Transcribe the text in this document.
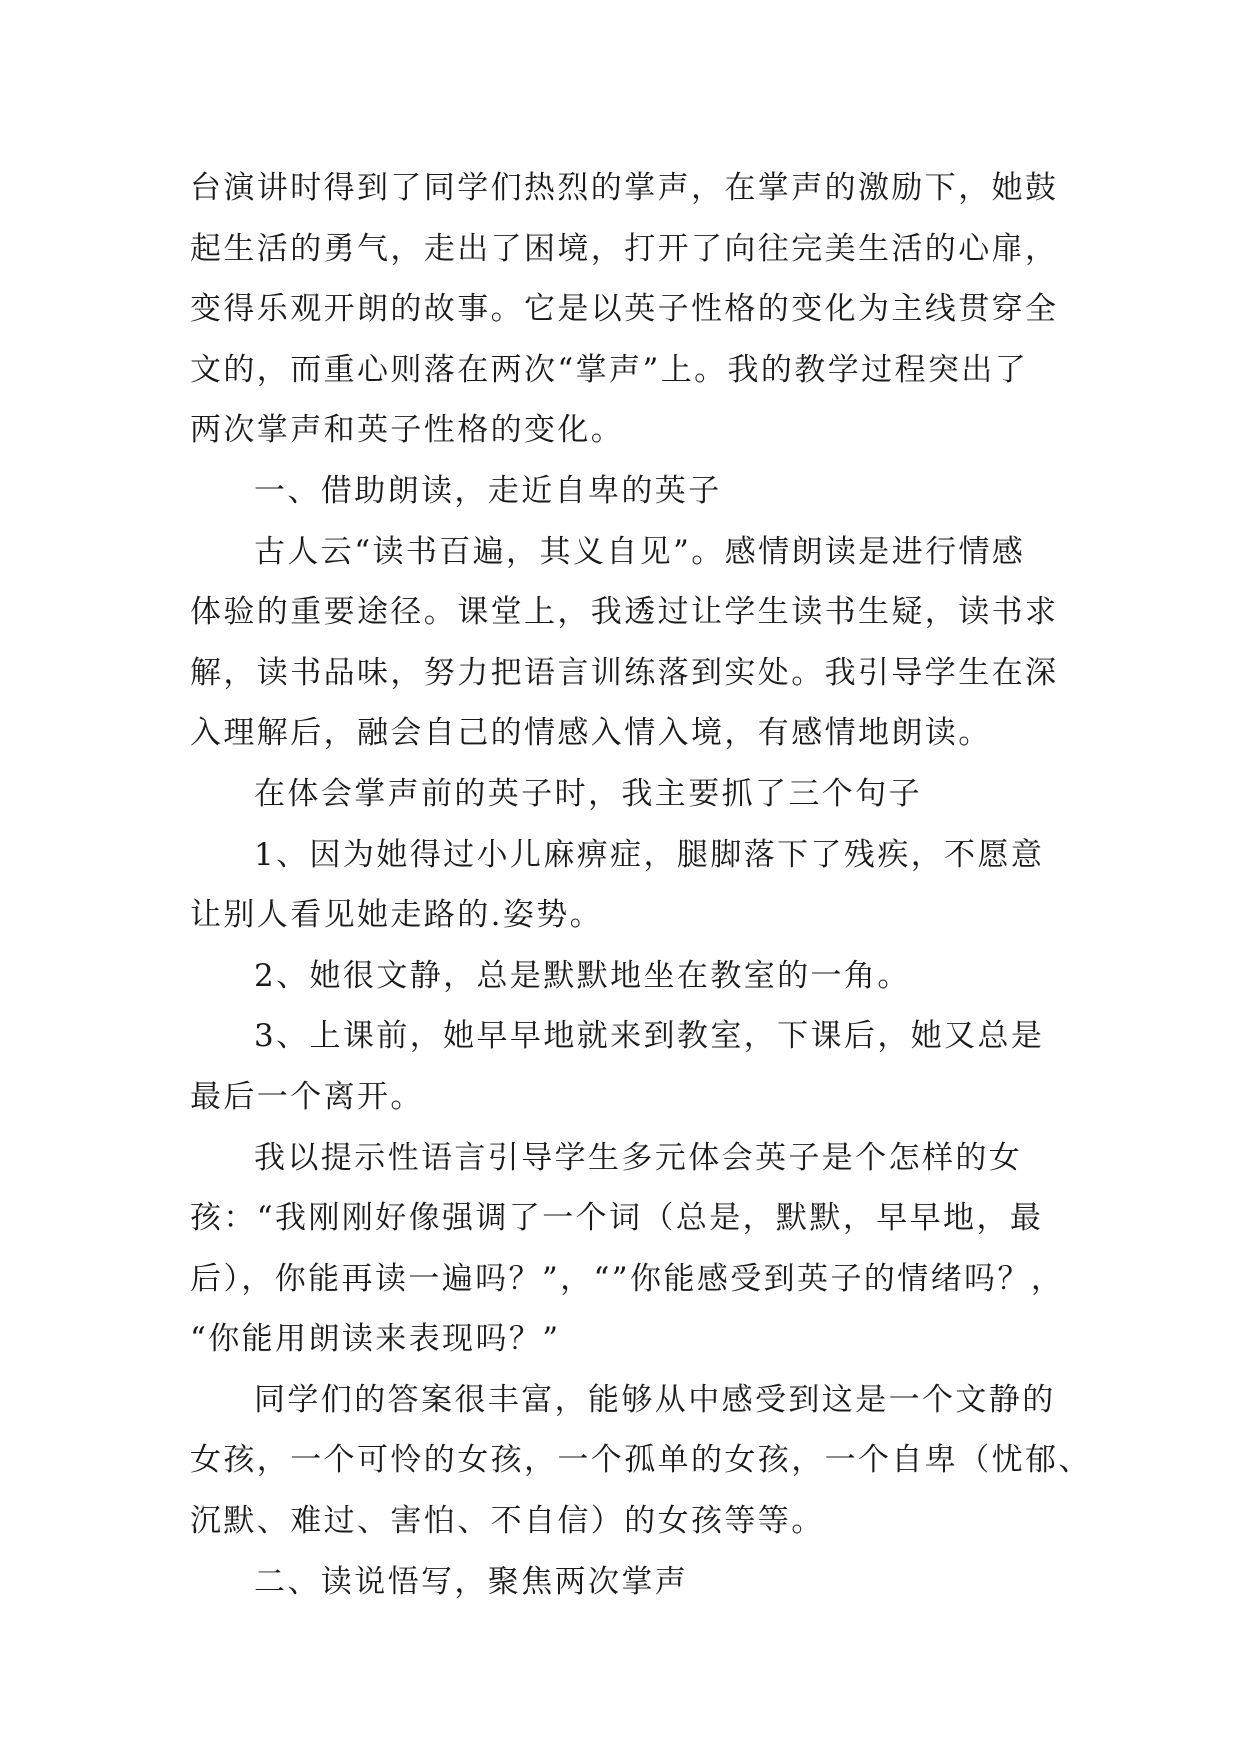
台演讲时得到了同学们热烈的掌声，在掌声的激励下，她鼓
起生活的勇气，走出了困境，打开了向往完美生活的心扉，
变得乐观开朗的故事。它是以英子性格的变化为主线贯穿全
文的，而重心则落在两次“掌声”上。我的教学过程突出了
两次掌声和英子性格的变化。
一、借助朗读，走近自卑的英子
古人云“读书百遍，其义自见”。感情朗读是进行情感
体验的重要途径。课堂上，我透过让学生读书生疑，读书求
解，读书品味，努力把语言训练落到实处。我引导学生在深
入理解后，融会自己的情感入情入境，有感情地朗读。
在体会掌声前的英子时，我主要抓了三个句子
1、因为她得过小儿麻痹症，腿脚落下了残疾，不愿意
让别人看见她走路的.姿势。
2、她很文静，总是默默地坐在教室的一角。
3、上课前，她早早地就来到教室，下课后，她又总是
最后一个离开。
我以提示性语言引导学生多元体会英子是个怎样的女
孩：“我刚刚好像强调了一个词（总是，默默，早早地，最
后），你能再读一遍吗？”，“”你能感受到英子的情绪吗？，
“你能用朗读来表现吗？”
同学们的答案很丰富，能够从中感受到这是一个文静的
女孩，一个可怜的女孩，一个孤单的女孩，一个自卑（忧郁、
沉默、难过、害怕、不自信）的女孩等等。
二、读说悟写，聚焦两次掌声
